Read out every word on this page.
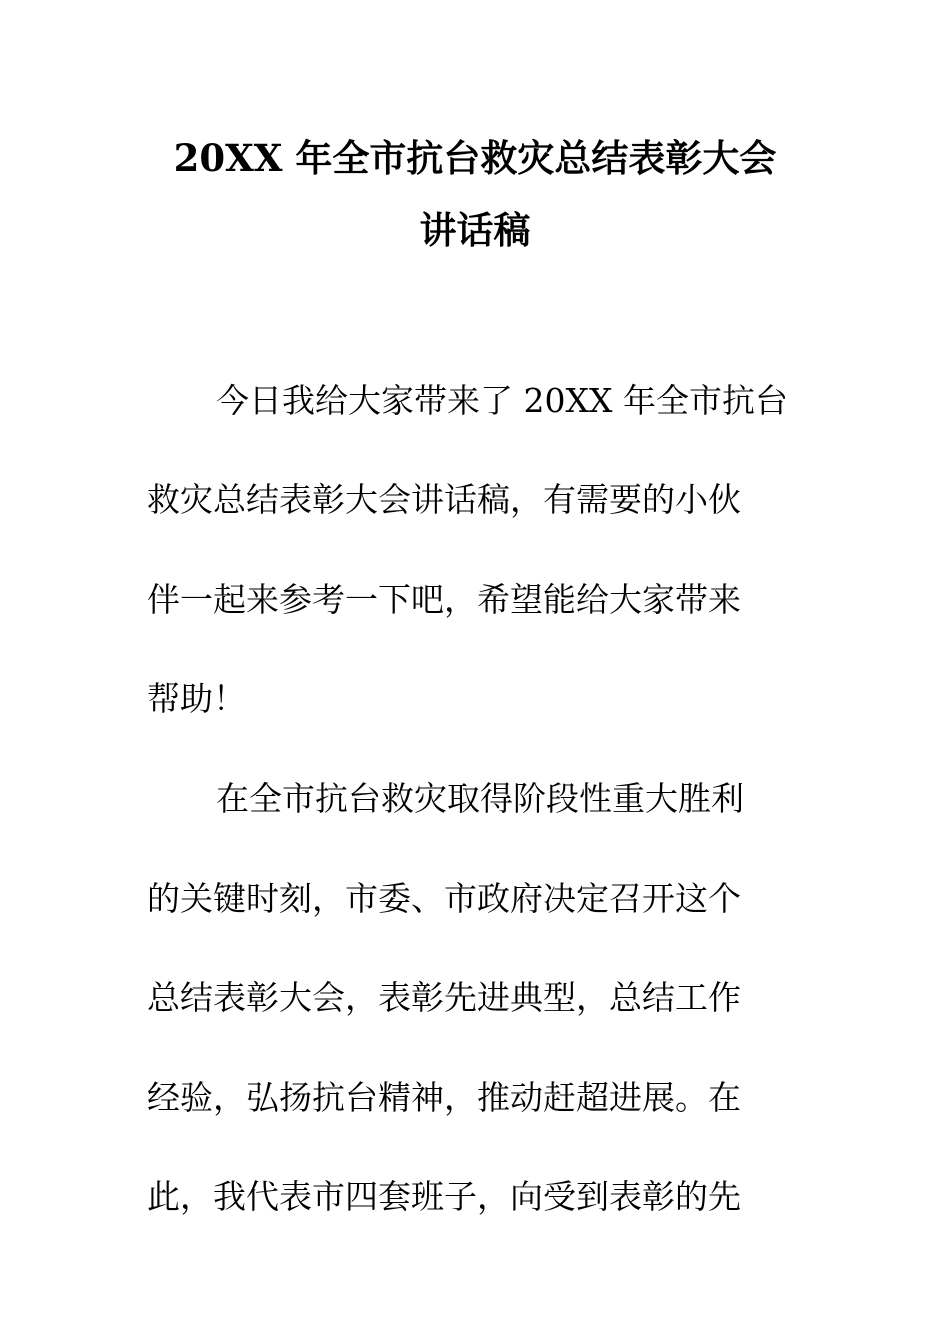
20XX 年全市抗台救灾总结表彰大会
讲话稿
今日我给大家带来了 20XX 年全市抗台
救灾总结表彰大会讲话稿，有需要的小伙
伴一起来参考一下吧，希望能给大家带来
帮助！
在全市抗台救灾取得阶段性重大胜利
的关键时刻，市委、市政府决定召开这个
总结表彰大会，表彰先进典型，总结工作
经验，弘扬抗台精神，推动赶超进展。在
此，我代表市四套班子，向受到表彰的先
